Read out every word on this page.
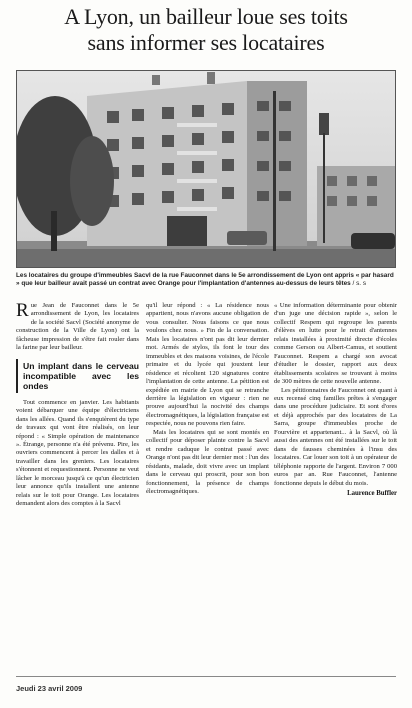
A Lyon, un bailleur loue ses toits
sans informer ses locataires
Les locataires du groupe d'immeubles Sacvl de la rue Fauconnet dans le 5e arrondissement de Lyon ont appris « par hasard » que leur bailleur avait passé un contrat avec Orange pour l'implantation d'antennes au-dessus de leurs têtes / s. s

Rue Jean de Fauconnet dans le 5e arrondissement de Lyon, les locataires de la société Sacvl (Société anonyme de construction de la Ville de Lyon) ont la fâcheuse impression de s'être fait rouler dans la farine par leur bailleur.

Un implant dans le cerveau incompatible avec les ondes

Tout commence en janvier. Les habitants voient débarquer une équipe d'électriciens dans les allées. Quand ils s'enquièrent du type de travaux qui vont être réalisés, on leur répond : « Simple opération de maintenance ». Étrange, personne n'a été prévenu. Pire, les ouvriers commencent à percer les dalles et à travailler dans les greniers. Les locataires s'étonnent et requestionnent. Personne ne veut lâcher le morceau jusqu'à ce qu'un électricien leur annonce qu'ils installent une antenne relais sur le toit pour Orange. Les locataires demandent alors des comptes à la Sacvl

qu'il leur répond : « La résidence nous appartient, nous n'avons aucune obligation de vous consulter. Nous faisons ce que nous voulons chez nous. » Fin de la conversation. Mais les locataires n'ont pas dit leur dernier mot. Armés de stylos, ils font le tour des immeubles et des maisons voisines, de l'école primaire et du lycée qui jouxtent leur résidence et récoltent 120 signatures contre l'implantation de cette antenne. La pétition est expédiée en mairie de Lyon qui se retranche derrière la législation en vigueur : rien ne prouve aujourd'hui la nocivité des champs électromagnétiques, la législation française est respectée, nous ne pouvons rien faire.

Mais les locataires qui se sont montés en collectif pour déposer plainte contre la Sacvl et rendre caduque le contrat passé avec Orange n'ont pas dit leur dernier mot : l'un des résidants, malade, doit vivre avec un implant dans le cerveau qui proscrit, pour son bon fonctionnement, la présence de champs électromagnétiques.

« Une information déterminante pour obtenir d'un juge une décision rapide », selon le collectif Respem qui regroupe les parents d'élèves en lutte pour le retrait d'antennes relais installées à proximité directe d'écoles comme Gerson ou Albert-Camus, et soutient Fauconnet. Respem a chargé son avocat d'étudier le dossier, rapport aux deux établissements scolaires se trouvant à moins de 300 mètres de cette nouvelle antenne.

Les pétitionnaires de Fauconnet ont quant à eux recensé cinq familles prêtes à s'engager dans une procédure judiciaire. Et sont d'ores et déjà approchés par des locataires de La Sarra, groupe d'immeubles proche de Fourvière et appartenant... à la Sacvl, où là aussi des antennes ont été installées sur le toit dans de fausses cheminées à l'insu des locataires. Car louer son toit à un opérateur de téléphonie rapporte de l'argent. Environ 7 000 euros par an. Rue Fauconnet, l'antenne fonctionne depuis le début du mois.

Laurence Buffler
Jeudi 23 avril 2009
